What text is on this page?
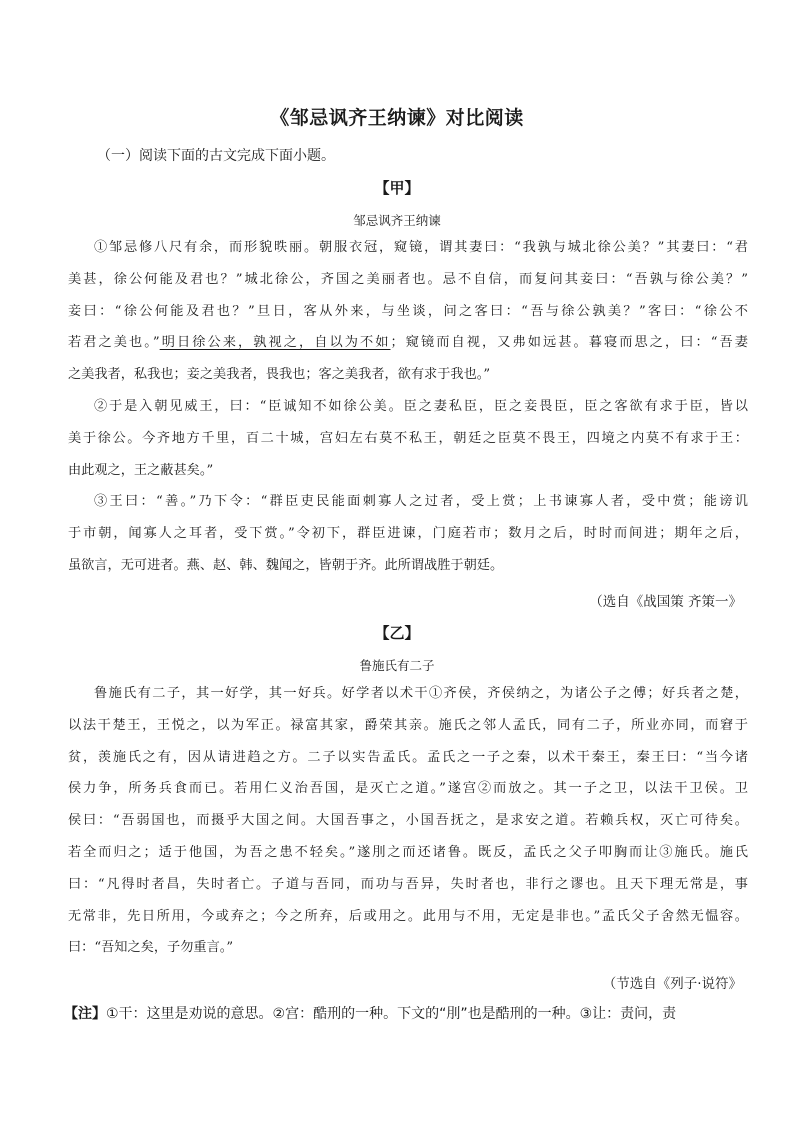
《邹忌讽齐王纳谏》对比阅读
（一）阅读下面的古文完成下面小题。
【甲】
邹忌讽齐王纳谏
①邹忌修八尺有余，而形貌昳丽。朝服衣冠，窥镜，谓其妻曰：“我孰与城北徐公美？”其妻曰：“君
美甚，徐公何能及君也？”城北徐公，齐国之美丽者也。忌不自信，而复问其妾曰：“吾孰与徐公美？”
妾曰：“徐公何能及君也？”旦日，客从外来，与坐谈，问之客曰：“吾与徐公孰美？”客曰：“徐公不
若君之美也。”明日徐公来，孰视之，自以为不如；窥镜而自视，又弗如远甚。暮寝而思之，曰：“吾妻
之美我者，私我也；妾之美我者，畏我也；客之美我者，欲有求于我也。”
②于是入朝见威王，曰：“臣诚知不如徐公美。臣之妻私臣，臣之妾畏臣，臣之客欲有求于臣，皆以
美于徐公。今齐地方千里，百二十城，宫妇左右莫不私王，朝廷之臣莫不畏王，四境之内莫不有求于王：
由此观之，王之蔽甚矣。”
③王曰：“善。”乃下令：“群臣吏民能面刺寡人之过者，受上赏；上书谏寡人者，受中赏；能谤讥
于市朝，闻寡人之耳者，受下赏。”令初下，群臣进谏，门庭若市；数月之后，时时而间进；期年之后，
虽欲言，无可进者。燕、赵、韩、魏闻之，皆朝于齐。此所谓战胜于朝廷。
（选自《战国策 齐策一》
【乙】
鲁施氏有二子
鲁施氏有二子，其一好学，其一好兵。好学者以术干①齐侯，齐侯纳之，为诸公子之傅；好兵者之楚，
以法干楚王，王悦之，以为军正。禄富其家，爵荣其亲。施氏之邻人孟氏，同有二子，所业亦同，而窘于
贫，羡施氏之有，因从请进趋之方。二子以实告孟氏。孟氏之一子之秦，以术干秦王，秦王曰：“当今诸
侯力争，所务兵食而已。若用仁义治吾国，是灭亡之道。”遂宫②而放之。其一子之卫，以法干卫侯。卫
侯曰：“吾弱国也，而摄乎大国之间。大国吾事之，小国吾抚之，是求安之道。若赖兵权，灭亡可待矣。
若全而归之；适于他国，为吾之患不轻矣。”遂刖之而还诸鲁。既反，孟氏之父子叩胸而让③施氏。施氏
曰：“凡得时者昌，失时者亡。子道与吾同，而功与吾异，失时者也，非行之谬也。且天下理无常是，事
无常非，先日所用，今或弃之；今之所弃，后或用之。此用与不用，无定是非也。”孟氏父子舍然无愠容。
曰：“吾知之矣，子勿重言。”
（节选自《列子·说符》
【注】①干：这里是劝说的意思。②宫：酷刑的一种。下文的“刖”也是酷刑的一种。③让：责问，责
